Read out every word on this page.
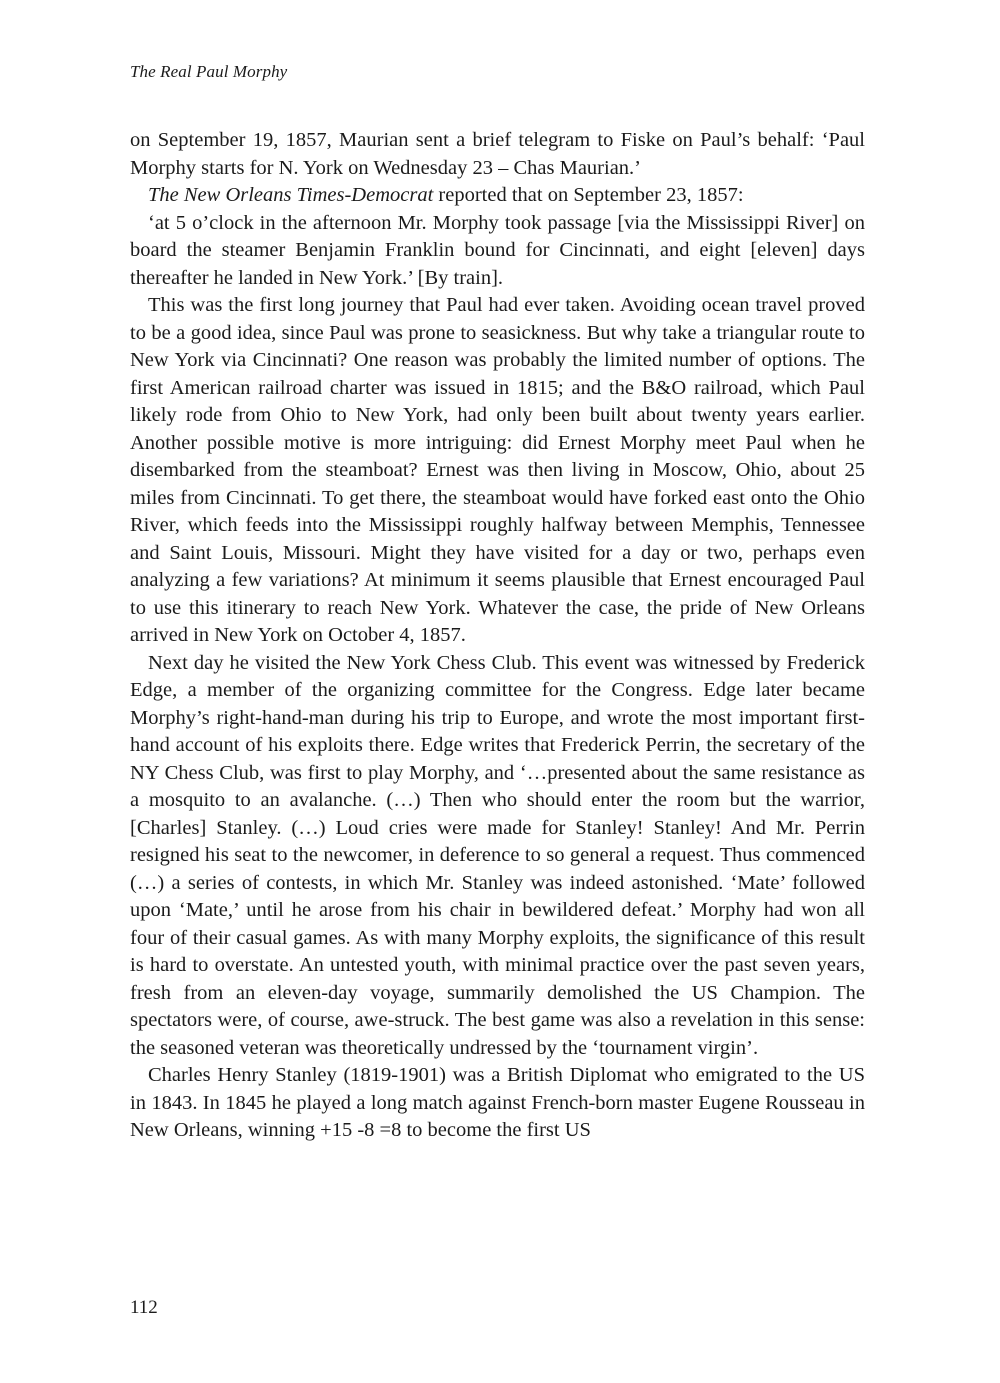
The Real Paul Morphy

on September 19, 1857, Maurian sent a brief telegram to Fiske on Paul’s behalf: ‘Paul Morphy starts for N. York on Wednesday 23 – Chas Maurian.’

The New Orleans Times-Democrat reported that on September 23, 1857:

‘at 5 o’clock in the afternoon Mr. Morphy took passage [via the Mississippi River] on board the steamer Benjamin Franklin bound for Cincinnati, and eight [eleven] days thereafter he landed in New York.’ [By train].

This was the first long journey that Paul had ever taken. Avoiding ocean travel proved to be a good idea, since Paul was prone to seasickness. But why take a triangular route to New York via Cincinnati? One reason was probably the limited number of options. The first American railroad charter was issued in 1815; and the B&O railroad, which Paul likely rode from Ohio to New York, had only been built about twenty years earlier. Another possible motive is more intriguing: did Ernest Morphy meet Paul when he disembarked from the steamboat? Ernest was then living in Moscow, Ohio, about 25 miles from Cincinnati. To get there, the steamboat would have forked east onto the Ohio River, which feeds into the Mississippi roughly halfway between Memphis, Tennessee and Saint Louis, Missouri. Might they have visited for a day or two, perhaps even analyzing a few variations? At minimum it seems plausible that Ernest encouraged Paul to use this itinerary to reach New York. Whatever the case, the pride of New Orleans arrived in New York on October 4, 1857.

Next day he visited the New York Chess Club. This event was witnessed by Frederick Edge, a member of the organizing committee for the Congress. Edge later became Morphy’s right-hand-man during his trip to Europe, and wrote the most important first-hand account of his exploits there. Edge writes that Frederick Perrin, the secretary of the NY Chess Club, was first to play Morphy, and ‘…presented about the same resistance as a mosquito to an avalanche. (…) Then who should enter the room but the warrior, [Charles] Stanley. (…) Loud cries were made for Stanley! Stanley! And Mr. Perrin resigned his seat to the newcomer, in deference to so general a request. Thus commenced (…) a series of contests, in which Mr. Stanley was indeed astonished. ‘Mate’ followed upon ‘Mate,’ until he arose from his chair in bewildered defeat.’ Morphy had won all four of their casual games. As with many Morphy exploits, the significance of this result is hard to overstate. An untested youth, with minimal practice over the past seven years, fresh from an eleven-day voyage, summarily demolished the US Champion. The spectators were, of course, awe-struck. The best game was also a revelation in this sense: the seasoned veteran was theoretically undressed by the ‘tournament virgin’.

Charles Henry Stanley (1819-1901) was a British Diplomat who emigrated to the US in 1843. In 1845 he played a long match against French-born master Eugene Rousseau in New Orleans, winning +15 -8 =8 to become the first US

112
